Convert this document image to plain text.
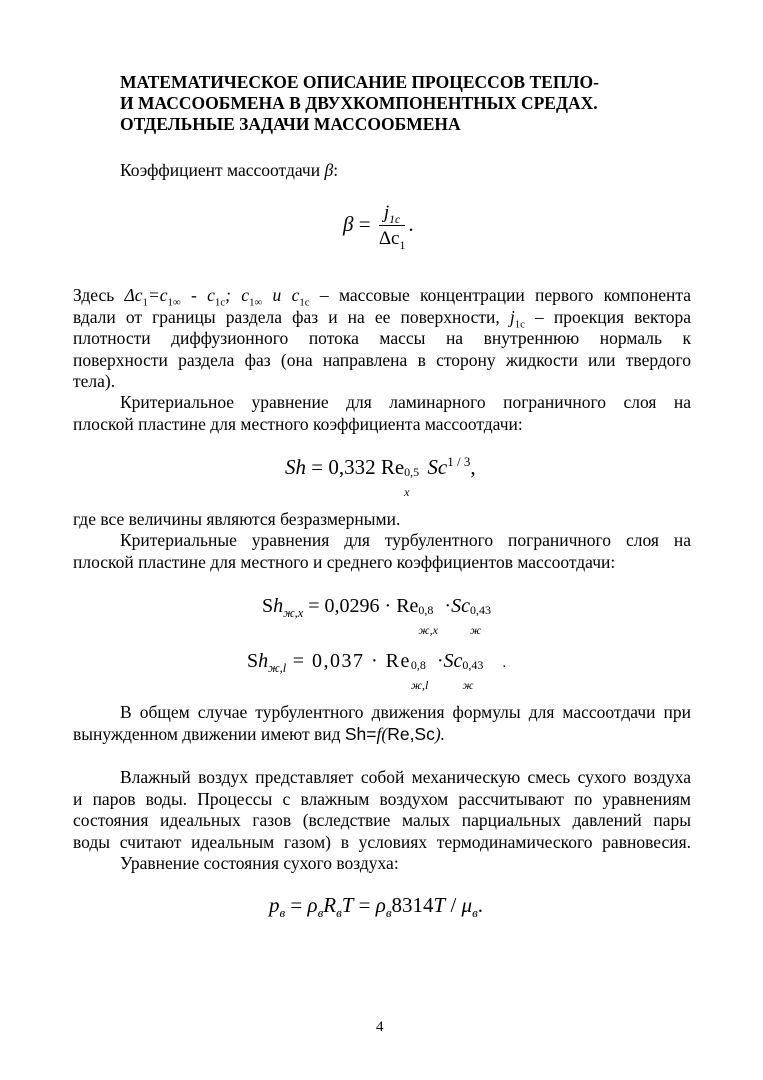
МАТЕМАТИЧЕСКОЕ ОПИСАНИЕ ПРОЦЕССОВ ТЕПЛО-
И МАССООБМЕНА В ДВУХКОМПОНЕНТНЫХ СРЕДАХ.
ОТДЕЛЬНЫЕ ЗАДАЧИ МАССООБМЕНА
Коэффициент массоотдачи β:
$\beta = \frac{j_{1c}}{\Delta c_1}$ .
Здесь $\Delta c_1=c_{1\infty} - c_{1c}$; $c_{1\infty}$ и $c_{1c}$ – массовые концентрации первого компонента
вдали от границы раздела фаз и на ее поверхности, $j_{1c}$ – проекция вектора
плотности диффузионного потока массы на внутреннюю нормаль к
поверхности раздела фаз (она направлена в сторону жидкости или твердого
тела).
Критериальное уравнение для ламинарного пограничного слоя на
плоской пластине для местного коэффициента массоотдачи:
Sh = 0,332 Re 0,5
x
$Sc^{1 / 3}$,
где все величины являются безразмерными.
Критериальные уравнения для турбулентного пограничного слоя на
плоской пластине для местного и среднего коэффициентов массоотдачи:
$Sh_{ж,x} = 0,0296 \cdot Re$ 0,8
ж,x
·Sc 0,43
ж
$Sh_{ж,l} = 0,037 \cdot Re$ 0,8
ж,l
·Sc 0,43
ж
.
В общем случае турбулентного движения формулы для массоотдачи при
вынужденном движении имеют вид Sh=f(Re,Sc).
Влажный воздух представляет собой механическую смесь сухого воздуха
и паров воды. Процессы с влажным воздухом рассчитывают по уравнениям
состояния идеальных газов (вследствие малых парциальных давлений пары
воды считают идеальным газом) в условиях термодинамического равновесия.
Уравнение состояния сухого воздуха:
$p_в = \rho_вR_вT = \rho_в8314T / \mu_в$.
4
